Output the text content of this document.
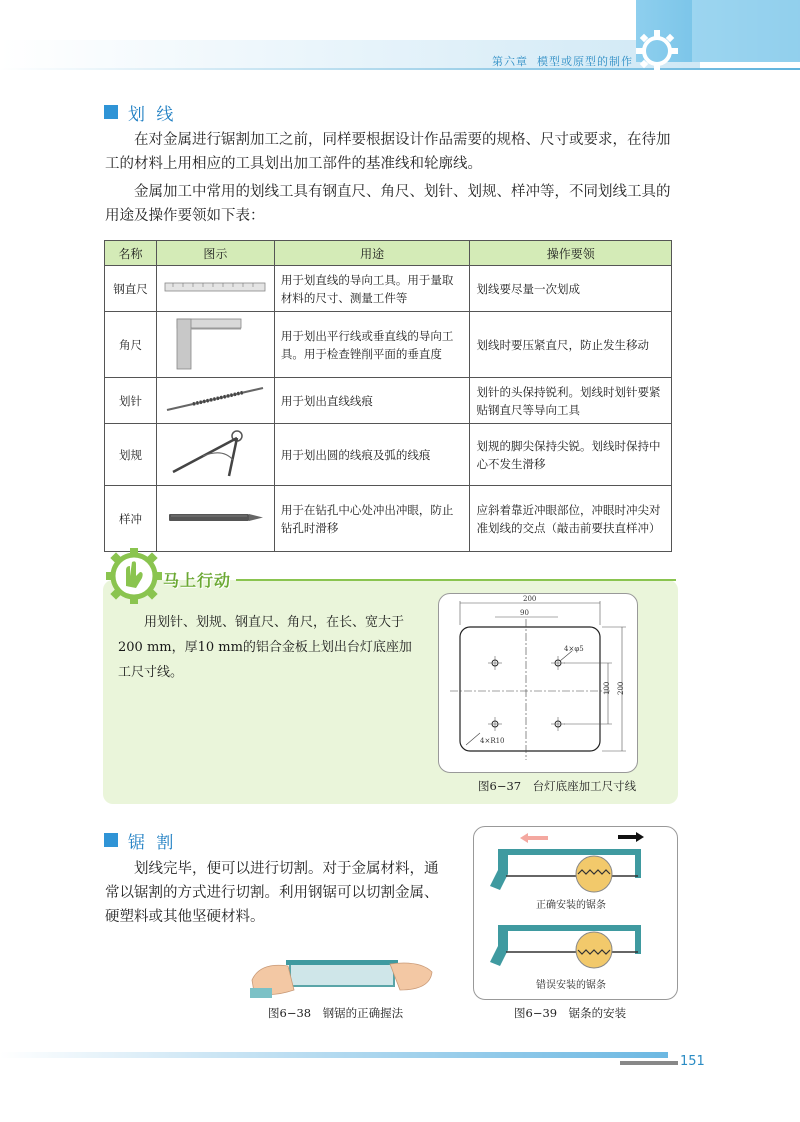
第六章 模型或原型的制作
划 线
在对金属进行锯割加工之前，同样要根据设计作品需要的规格、尺寸或要求，在待加工的材料上用相应的工具划出加工部件的基准线和轮廓线。
金属加工中常用的划线工具有钢直尺、角尺、划针、划规、样冲等，不同划线工具的用途及操作要领如下表：
名称	图示	用途	操作要领
钢直尺		用于划直线的导向工具。用于量取材料的尺寸、测量工件等	划线要尽量一次划成
角尺		用于划出平行线或垂直线的导向工具。用于检查锉削平面的垂直度	划线时要压紧直尺，防止发生移动
划针		用于划出直线线痕	划针的头保持锐利。划线时划针要紧贴钢直尺等导向工具
划规		用于划出圆的线痕及弧的线痕	划规的脚尖保持尖锐。划线时保持中心不发生滑移
样冲		用于在钻孔中心处冲出冲眼，防止钻孔时滑移	应斜着靠近冲眼部位，冲眼时冲尖对准划线的交点（敲击前要扶直样冲）
马上行动
用划针、划规、钢直尺、角尺，在长、宽大于200 mm，厚10 mm的铝合金板上划出台灯底座加工尺寸线。
200
90
4×φ5
4×R10
100 200
图6−37　台灯底座加工尺寸线
锯 割
划线完毕，便可以进行切割。对于金属材料，通常以锯割的方式进行切割。利用钢锯可以切割金属、硬塑料或其他坚硬材料。
图6−38　钢锯的正确握法
正确安装的锯条
错误安装的锯条
图6−39　锯条的安装
151
